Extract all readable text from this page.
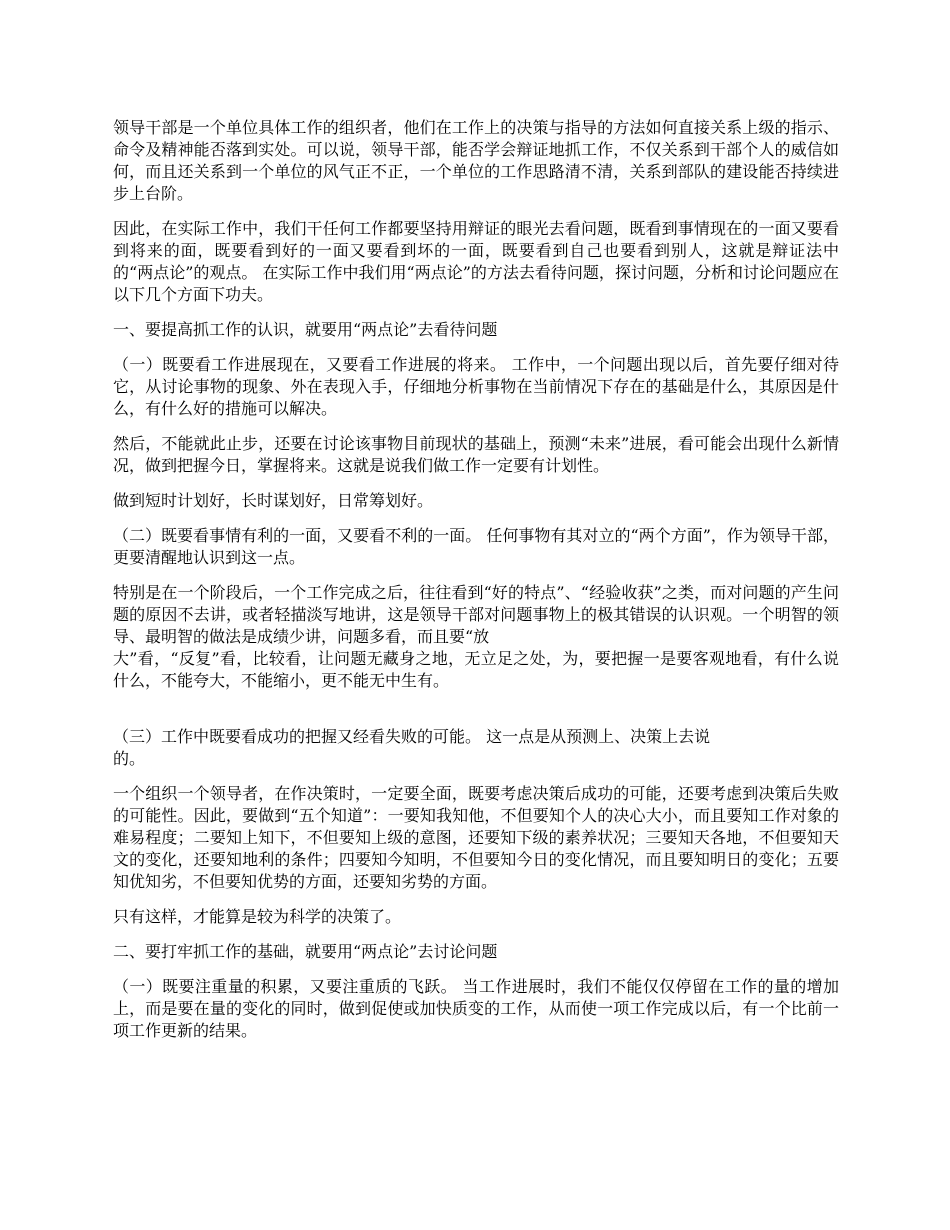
领导干部是一个单位具体工作的组织者，他们在工作上的决策与指导的方法如何直接关系上级的指示、命令及精神能否落到实处。可以说，领导干部，能否学会辩证地抓工作，不仅关系到干部个人的威信如何，而且还关系到一个单位的风气正不正，一个单位的工作思路清不清，关系到部队的建设能否持续进步上台阶。

因此，在实际工作中，我们干任何工作都要坚持用辩证的眼光去看问题，既看到事情现在的一面又要看到将来的面，既要看到好的一面又要看到坏的一面，既要看到自己也要看到别人，这就是辩证法中的“两点论”的观点。 在实际工作中我们用“两点论”的方法去看待问题，探讨问题，分析和讨论问题应在以下几个方面下功夫。

一、要提高抓工作的认识，就要用“两点论”去看待问题

（一）既要看工作进展现在，又要看工作进展的将来。 工作中，一个问题出现以后，首先要仔细对待它，从讨论事物的现象、外在表现入手，仔细地分析事物在当前情况下存在的基础是什么，其原因是什么，有什么好的措施可以解决。

然后，不能就此止步，还要在讨论该事物目前现状的基础上，预测“未来”进展，看可能会出现什么新情况，做到把握今日，掌握将来。这就是说我们做工作一定要有计划性。

做到短时计划好，长时谋划好，日常筹划好。

（二）既要看事情有利的一面，又要看不利的一面。 任何事物有其对立的“两个方面”，作为领导干部，更要清醒地认识到这一点。

特别是在一个阶段后，一个工作完成之后，往往看到“好的特点”、“经验收获”之类，而对问题的产生问题的原因不去讲，或者轻描淡写地讲，这是领导干部对问题事物上的极其错误的认识观。一个明智的领导、最明智的做法是成绩少讲，问题多看，而且要“放
大”看，“反复”看，比较看，让问题无藏身之地，无立足之处，为，要把握一是要客观地看，有什么说什么，不能夸大，不能缩小，更不能无中生有。

（三）工作中既要看成功的把握又经看失败的可能。 这一点是从预测上、决策上去说
的。

一个组织一个领导者，在作决策时，一定要全面，既要考虑决策后成功的可能，还要考虑到决策后失败的可能性。因此，要做到“五个知道”：一要知我知他，不但要知个人的决心大小，而且要知工作对象的难易程度；二要知上知下，不但要知上级的意图，还要知下级的素养状况；三要知天各地，不但要知天文的变化，还要知地利的条件；四要知今知明，不但要知今日的变化情况，而且要知明日的变化；五要知优知劣，不但要知优势的方面，还要知劣势的方面。

只有这样，才能算是较为科学的决策了。

二、要打牢抓工作的基础，就要用“两点论”去讨论问题

（一）既要注重量的积累，又要注重质的飞跃。 当工作进展时，我们不能仅仅停留在工作的量的增加上，而是要在量的变化的同时，做到促使或加快质变的工作，从而使一项工作完成以后，有一个比前一项工作更新的结果。
